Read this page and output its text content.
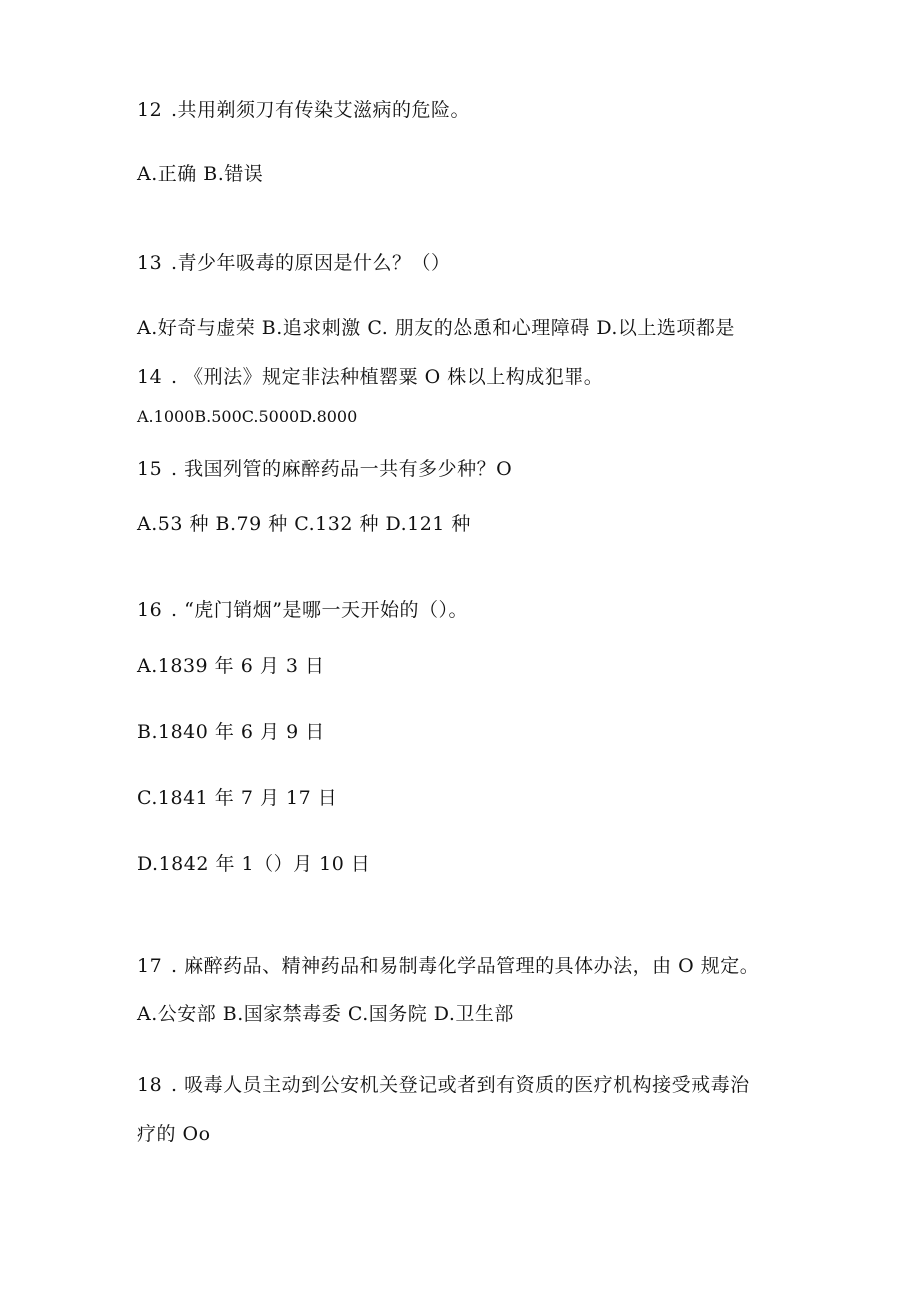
12 .共用剃须刀有传染艾滋病的危险。
A.正确 B.错误
13 .青少年吸毒的原因是什么？（）
A.好奇与虚荣 B.追求刺激 C. 朋友的怂恿和心理障碍 D.以上选项都是
14 . 《刑法》规定非法种植罂粟 O 株以上构成犯罪。
A.1000B.500C.5000D.8000
15 . 我国列管的麻醉药品一共有多少种？O
A.53 种 B.79 种 C.132 种 D.121 种
16 . “虎门销烟”是哪一天开始的（）。
A.1839 年 6 月 3 日
B.1840 年 6 月 9 日
C.1841 年 7 月 17 日
D.1842 年 1（）月 10 日
17 . 麻醉药品、精神药品和易制毒化学品管理的具体办法，由 O 规定。
A.公安部 B.国家禁毒委 C.国务院 D.卫生部
18 . 吸毒人员主动到公安机关登记或者到有资质的医疗机构接受戒毒治
疗的 Oo
